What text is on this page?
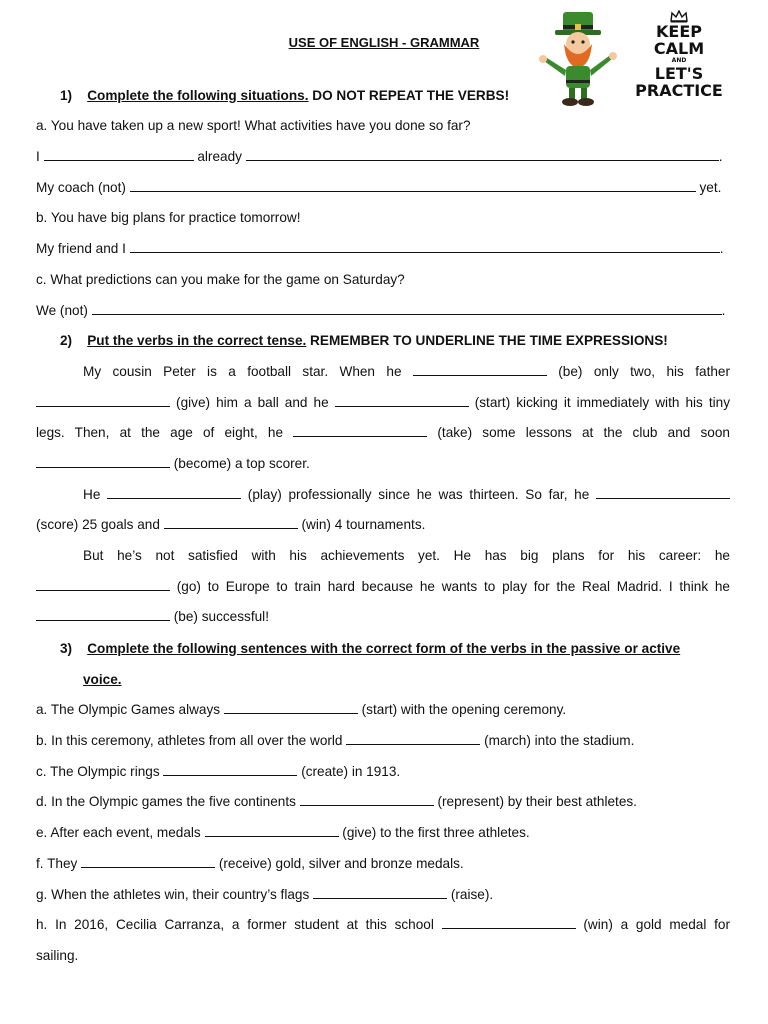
USE OF ENGLISH - GRAMMAR
KEEP
CALM
AND
LET'S
PRACTICE
1) Complete the following situations. DO NOT REPEAT THE VERBS!
a. You have taken up a new sport! What activities have you done so far?
I	already	.
My coach (not)	yet.
b. You have big plans for practice tomorrow!
My friend and I	.
c. What predictions can you make for the game on Saturday?
We (not)	.
2) Put the verbs in the correct tense. REMEMBER TO UNDERLINE THE TIME EXPRESSIONS!
My cousin Peter is a football star. When he	(be) only two, his father
(give) him a ball and he	(start) kicking it immediately with his tiny
legs. Then, at the age of eight, he	(take) some lessons at the club and soon
(become) a top scorer.
He	(play) professionally since he was thirteen. So far, he
(score) 25 goals and	(win) 4 tournaments.
But he’s not satisfied with his achievements yet. He has big plans for his career: he
(go) to Europe to train hard because he wants to play for the Real Madrid. I think he
(be) successful!
3) Complete the following sentences with the correct form of the verbs in the passive or active
voice.
a. The Olympic Games always	(start) with the opening ceremony.
b. In this ceremony, athletes from all over the world	(march) into the stadium.
c. The Olympic rings	(create) in 1913.
d. In the Olympic games the five continents	(represent) by their best athletes.
e. After each event, medals	(give) to the first three athletes.
f. They	(receive) gold, silver and bronze medals.
g. When the athletes win, their country’s flags	(raise).
h. In 2016, Cecilia Carranza, a former student at this school	(win) a gold medal for
sailing.
